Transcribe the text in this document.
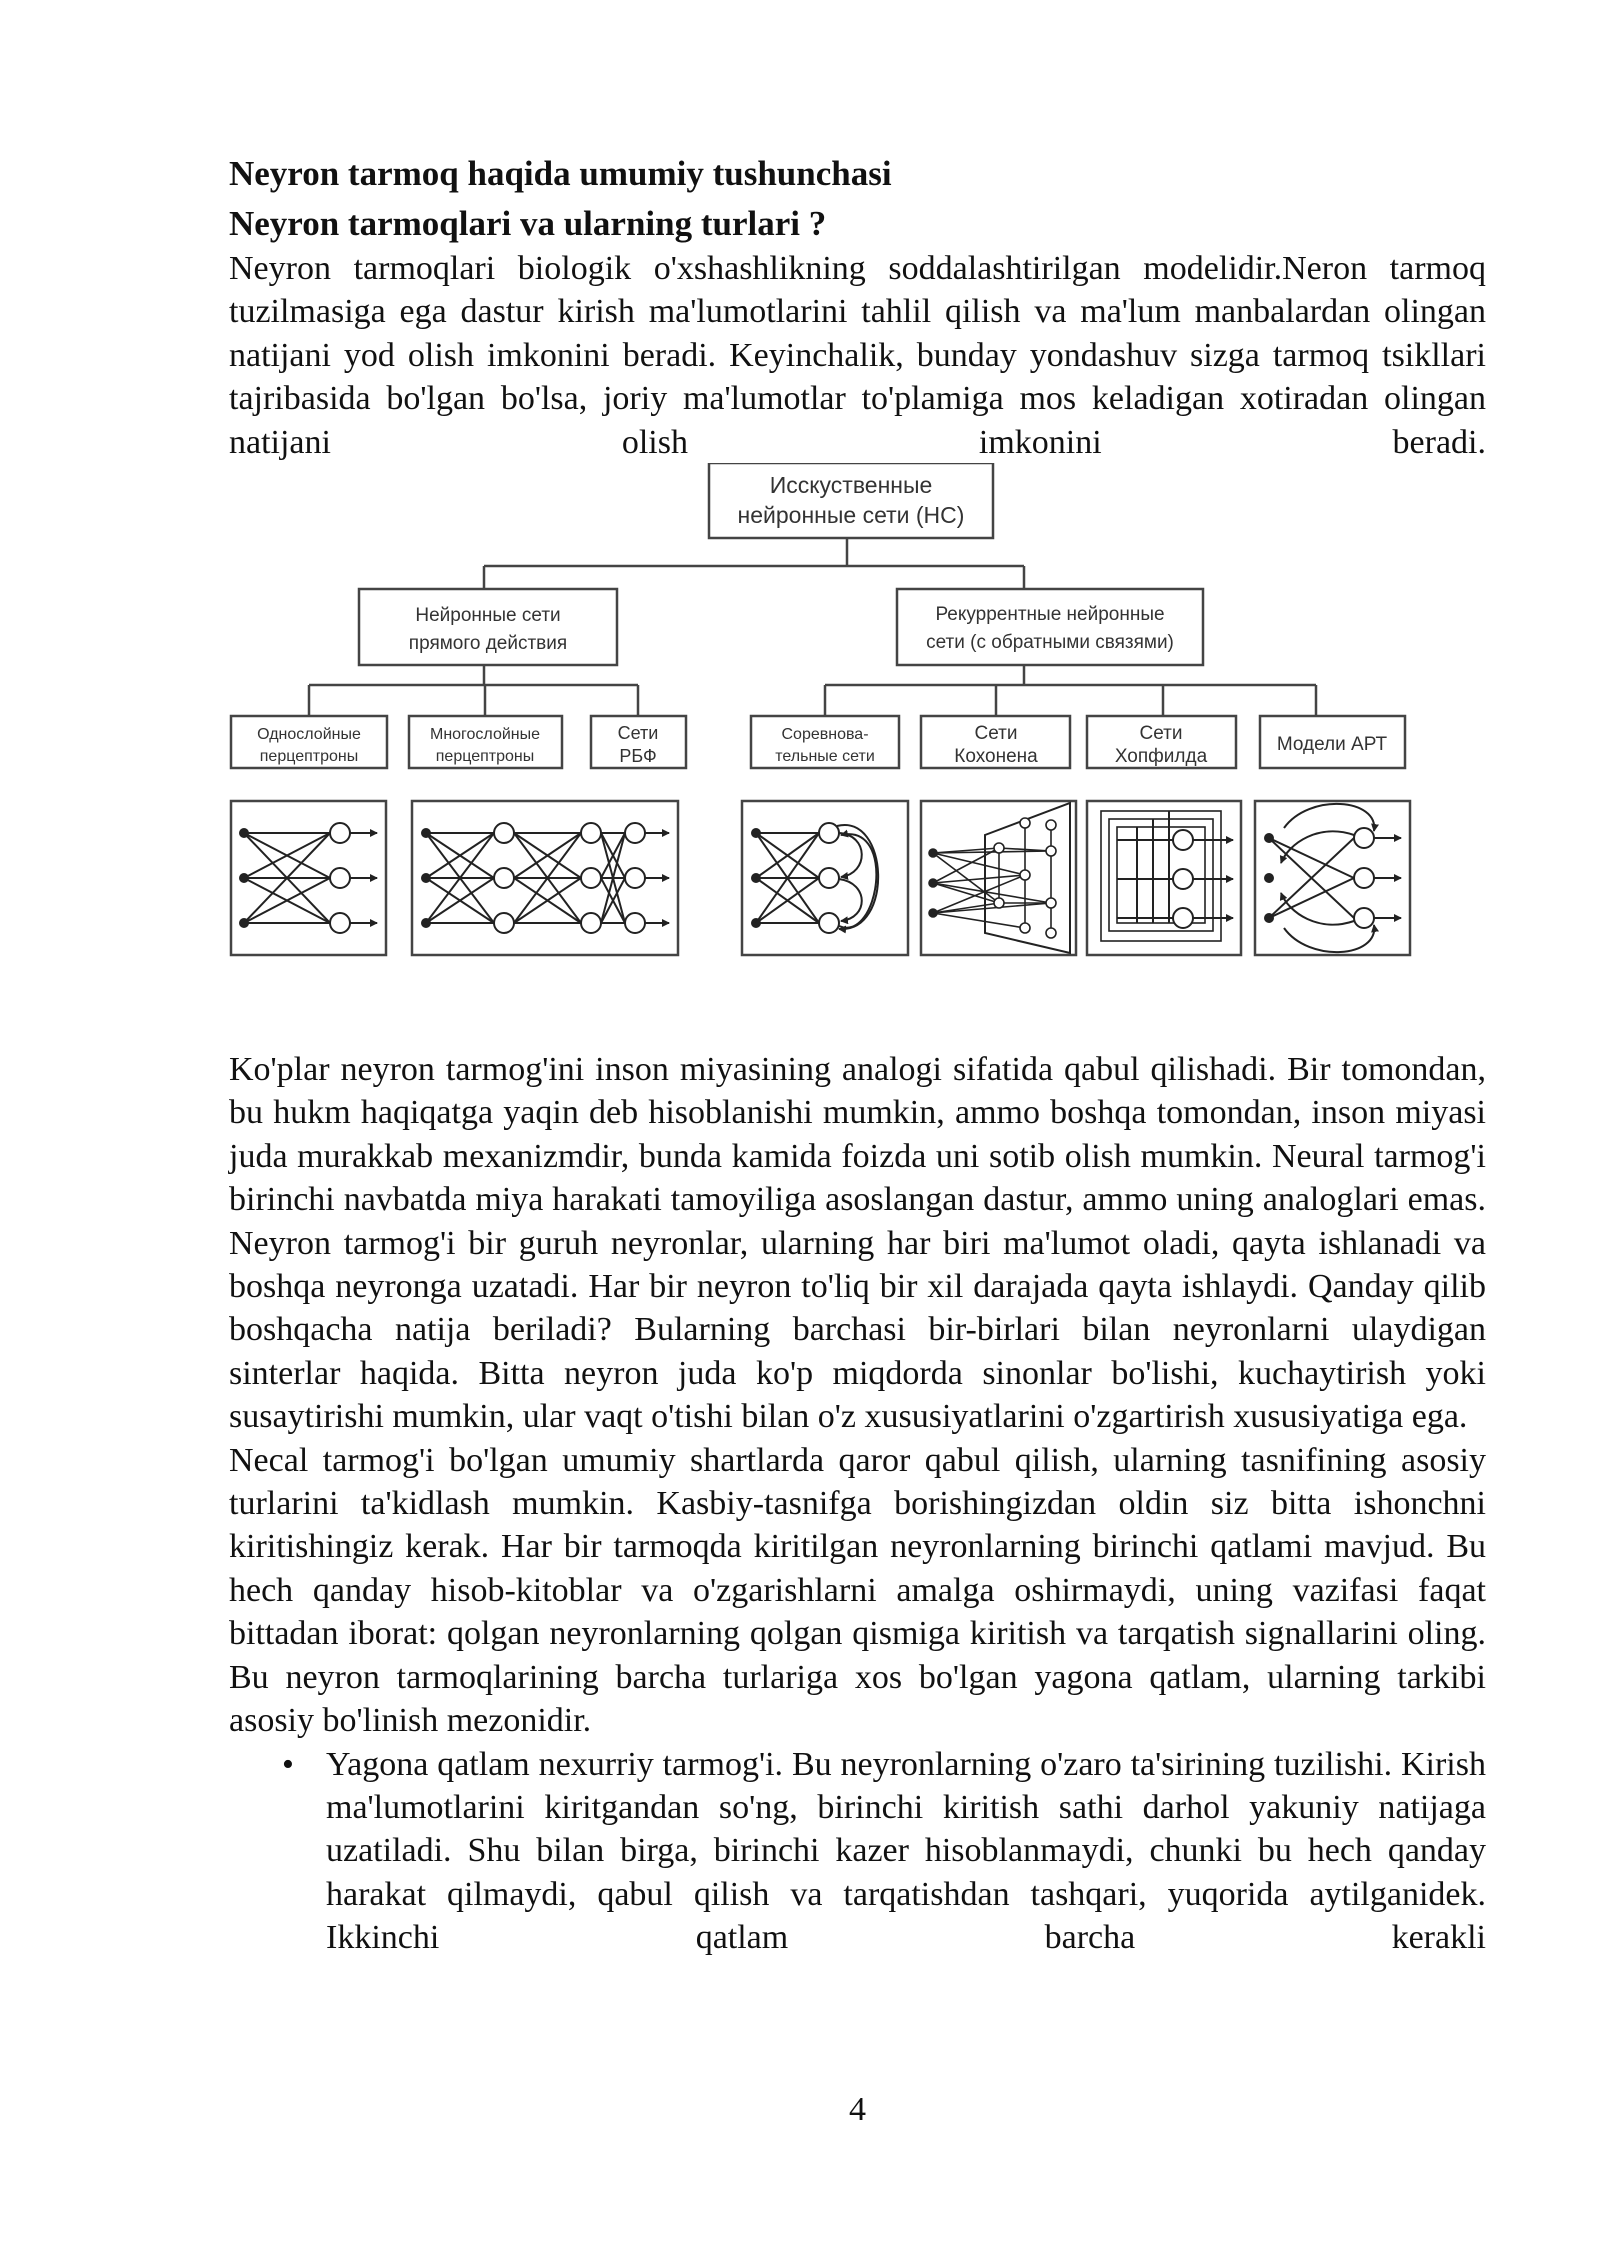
Neyron tarmoq haqida umumiy tushunchasi
Neyron tarmoqlari va ularning turlari ?

Neyron tarmoqlari biologik o'xshashlikning soddalashtirilgan modelidir.Neron tarmoq tuzilmasiga ega dastur kirish ma'lumotlarini tahlil qilish va ma'lum manbalardan olingan natijani yod olish imkonini beradi. Keyinchalik, bunday yondashuv sizga tarmoq tsikllari tajribasida bo'lgan bo'lsa, joriy ma'lumotlar to'plamiga mos keladigan xotiradan olingan natijani olish imkonini beradi.

Исскуственные
нейронные сети (НС)
Нейронные сети
прямого действия
Рекуррентные нейронные
сети (с обратными связями)
Однослойные
перцептроны
Многослойные
перцептроны
Сети
РБФ
Соревнова-
тельные сети
Сети
Кохонена
Сети
Хопфилда
Модели АРТ

Ko'plar neyron tarmog'ini inson miyasining analogi sifatida qabul qilishadi. Bir tomondan, bu hukm haqiqatga yaqin deb hisoblanishi mumkin, ammo boshqa tomondan, inson miyasi juda murakkab mexanizmdir, bunda kamida foizda uni sotib olish mumkin. Neural tarmog'i birinchi navbatda miya harakati tamoyiliga asoslangan dastur, ammo uning analoglari emas. Neyron tarmog'i bir guruh neyronlar, ularning har biri ma'lumot oladi, qayta ishlanadi va boshqa neyronga uzatadi. Har bir neyron to'liq bir xil darajada qayta ishlaydi. Qanday qilib boshqacha natija beriladi? Bularning barchasi bir-birlari bilan neyronlarni ulaydigan sinterlar haqida. Bitta neyron juda ko'p miqdorda sinonlar bo'lishi, kuchaytirish yoki susaytirishi mumkin, ular vaqt o'tishi bilan o'z xususiyatlarini o'zgartirish xususiyatiga ega.

Necal tarmog'i bo'lgan umumiy shartlarda qaror qabul qilish, ularning tasnifining asosiy turlarini ta'kidlash mumkin. Kasbiy-tasnifga borishingizdan oldin siz bitta ishonchni kiritishingiz kerak. Har bir tarmoqda kiritilgan neyronlarning birinchi qatlami mavjud. Bu hech qanday hisob-kitoblar va o'zgarishlarni amalga oshirmaydi, uning vazifasi faqat bittadan iborat: qolgan neyronlarning qolgan qismiga kiritish va tarqatish signallarini oling. Bu neyron tarmoqlarining barcha turlariga xos bo'lgan yagona qatlam, ularning tarkibi asosiy bo'linish mezonidir.

• Yagona qatlam nexurriy tarmog'i. Bu neyronlarning o'zaro ta'sirining tuzilishi. Kirish ma'lumotlarini kiritgandan so'ng, birinchi kiritish sathi darhol yakuniy natijaga uzatiladi. Shu bilan birga, birinchi kazer hisoblanmaydi, chunki bu hech qanday harakat qilmaydi, qabul qilish va tarqatishdan tashqari, yuqorida aytilganidek. Ikkinchi qatlam barcha kerakli

4
